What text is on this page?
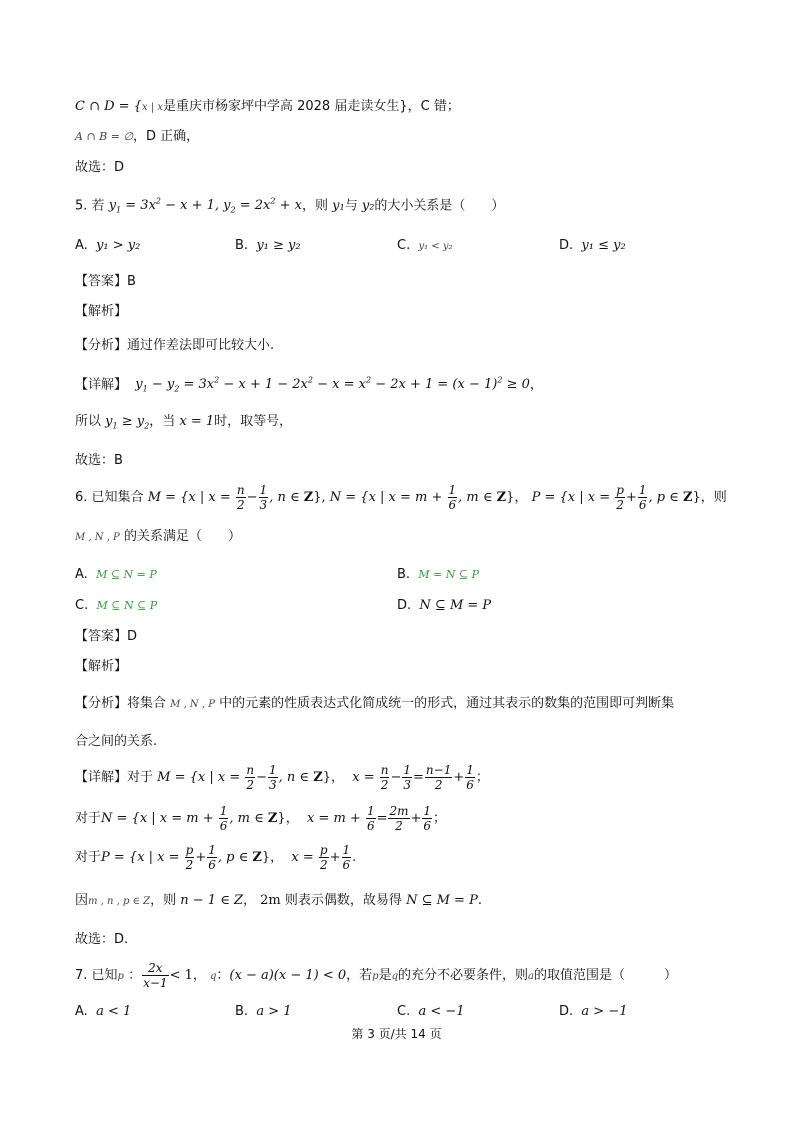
C ∩ D = {x | x是重庆市杨家坪中学高 2028 届走读女生}，C 错；
A ∩ B = ∅，D 正确，
故选：D
5. 若 $y_1 = 3x^2 - x + 1$, $y_2 = 2x^2 + x$，则 y₁与 y₂的大小关系是（　　）
A. y₁ > y₂	B. y₁ ≥ y₂	C. y₁ < y₂	D. y₁ ≤ y₂
【答案】B
【解析】
【分析】通过作差法即可比较大小.
【详解】  $y_1 - y_2 = 3x^2 - x + 1 - 2x^2 - x = x^2 - 2x + 1 = (x - 1)^2 \ge 0$，
所以 $y_1 \ge y_2$，当 x = 1时，取等号，
故选：B
6. 已知集合 M = {x | $x = \frac{n}{2} - \frac{1}{3}$ , n ∈ Z}, N = {x | $x = m + \frac{1}{6}$ , m ∈ Z}， P = {x | $x = \frac{p}{2} + \frac{1}{6}$ , p ∈ Z}，则
M , N , P 的关系满足（　　）
A. M ⊆ N = P	B. M = N ⊆ P
C. M ⊆ N ⊆ P	D. N ⊆ M = P
【答案】D
【解析】
【分析】将集合 M , N , P 中的元素的性质表达式化简成统一的形式，通过其表示的数集的范围即可判断集
合之间的关系.
【详解】对于 M = {x | $x = \frac{n}{2} - \frac{1}{3}$ , n ∈ Z}，  $x = \frac{n}{2} - \frac{1}{3} = \frac{n-1}{2} + \frac{1}{6}$ ；
对于N = {x | $x = m + \frac{1}{6}$ , m ∈ Z}，  $x = m + \frac{1}{6} = \frac{2m}{2} + \frac{1}{6}$ ；
对于P = {x | $x = \frac{p}{2} + \frac{1}{6}$ , p ∈ Z}，  $x = \frac{p}{2} + \frac{1}{6}$ .
因m , n , p ∈ Z，则 n − 1 ∈ Z， 2m 则表示偶数，故易得 N ⊆ M = P.
故选：D.
7. 已知p ： $\frac{2x}{x-1} < 1$， q：(x − a)(x − 1) < 0，若p是q的充分不必要条件，则a的取值范围是（　　　）
A. a < 1	B. a > 1	C. a < −1	D. a > −1
第 3 页/共 14 页
